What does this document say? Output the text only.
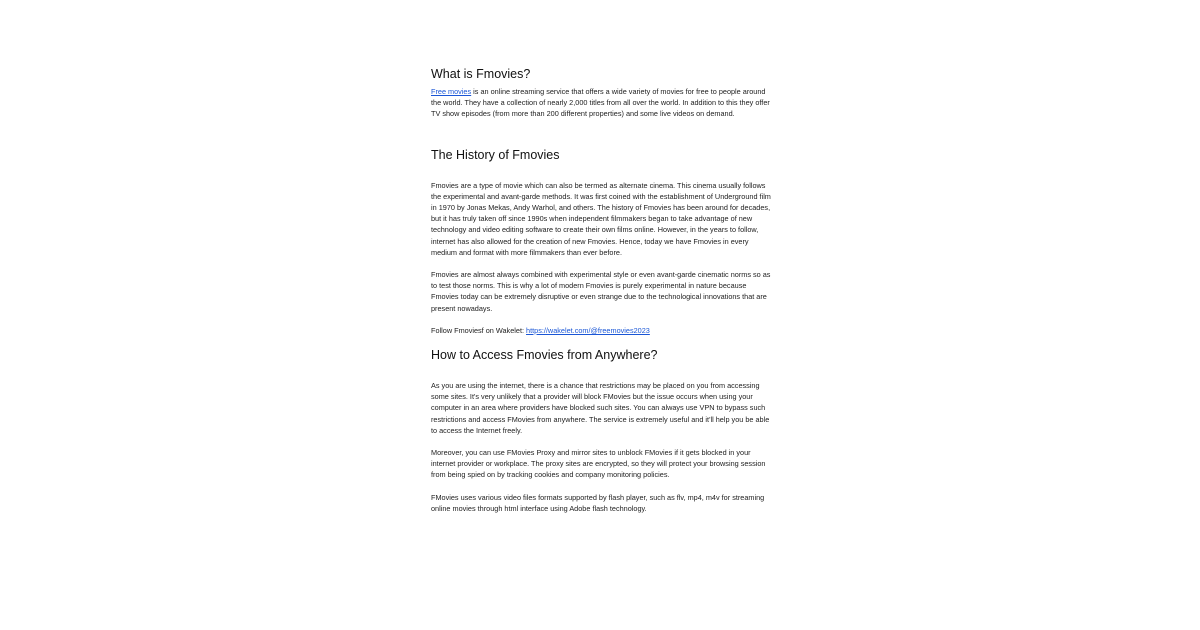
What is Fmovies?

Free movies is an online streaming service that offers a wide variety of movies for free to people around the world. They have a collection of nearly 2,000 titles from all over the world. In addition to this they offer TV show episodes (from more than 200 different properties) and some live videos on demand.

The History of Fmovies

Fmovies are a type of movie which can also be termed as alternate cinema. This cinema usually follows the experimental and avant-garde methods. It was first coined with the establishment of Underground film in 1970 by Jonas Mekas, Andy Warhol, and others. The history of Fmovies has been around for decades, but it has truly taken off since 1990s when independent filmmakers began to take advantage of new technology and video editing software to create their own films online. However, in the years to follow, internet has also allowed for the creation of new Fmovies. Hence, today we have Fmovies in every medium and format with more filmmakers than ever before.

Fmovies are almost always combined with experimental style or even avant-garde cinematic norms so as to test those norms. This is why a lot of modern Fmovies is purely experimental in nature because Fmovies today can be extremely disruptive or even strange due to the technological innovations that are present nowadays.

Follow Fmoviesf on Wakelet: https://wakelet.com/@freemovies2023

How to Access Fmovies from Anywhere?

As you are using the internet, there is a chance that restrictions may be placed on you from accessing some sites. It's very unlikely that a provider will block FMovies but the issue occurs when using your computer in an area where providers have blocked such sites. You can always use VPN to bypass such restrictions and access FMovies from anywhere. The service is extremely useful and it'll help you be able to access the Internet freely.

Moreover, you can use FMovies Proxy and mirror sites to unblock FMovies if it gets blocked in your internet provider or workplace. The proxy sites are encrypted, so they will protect your browsing session from being spied on by tracking cookies and company monitoring policies.

FMovies uses various video files formats supported by flash player, such as flv, mp4, m4v for streaming online movies through html interface using Adobe flash technology.
